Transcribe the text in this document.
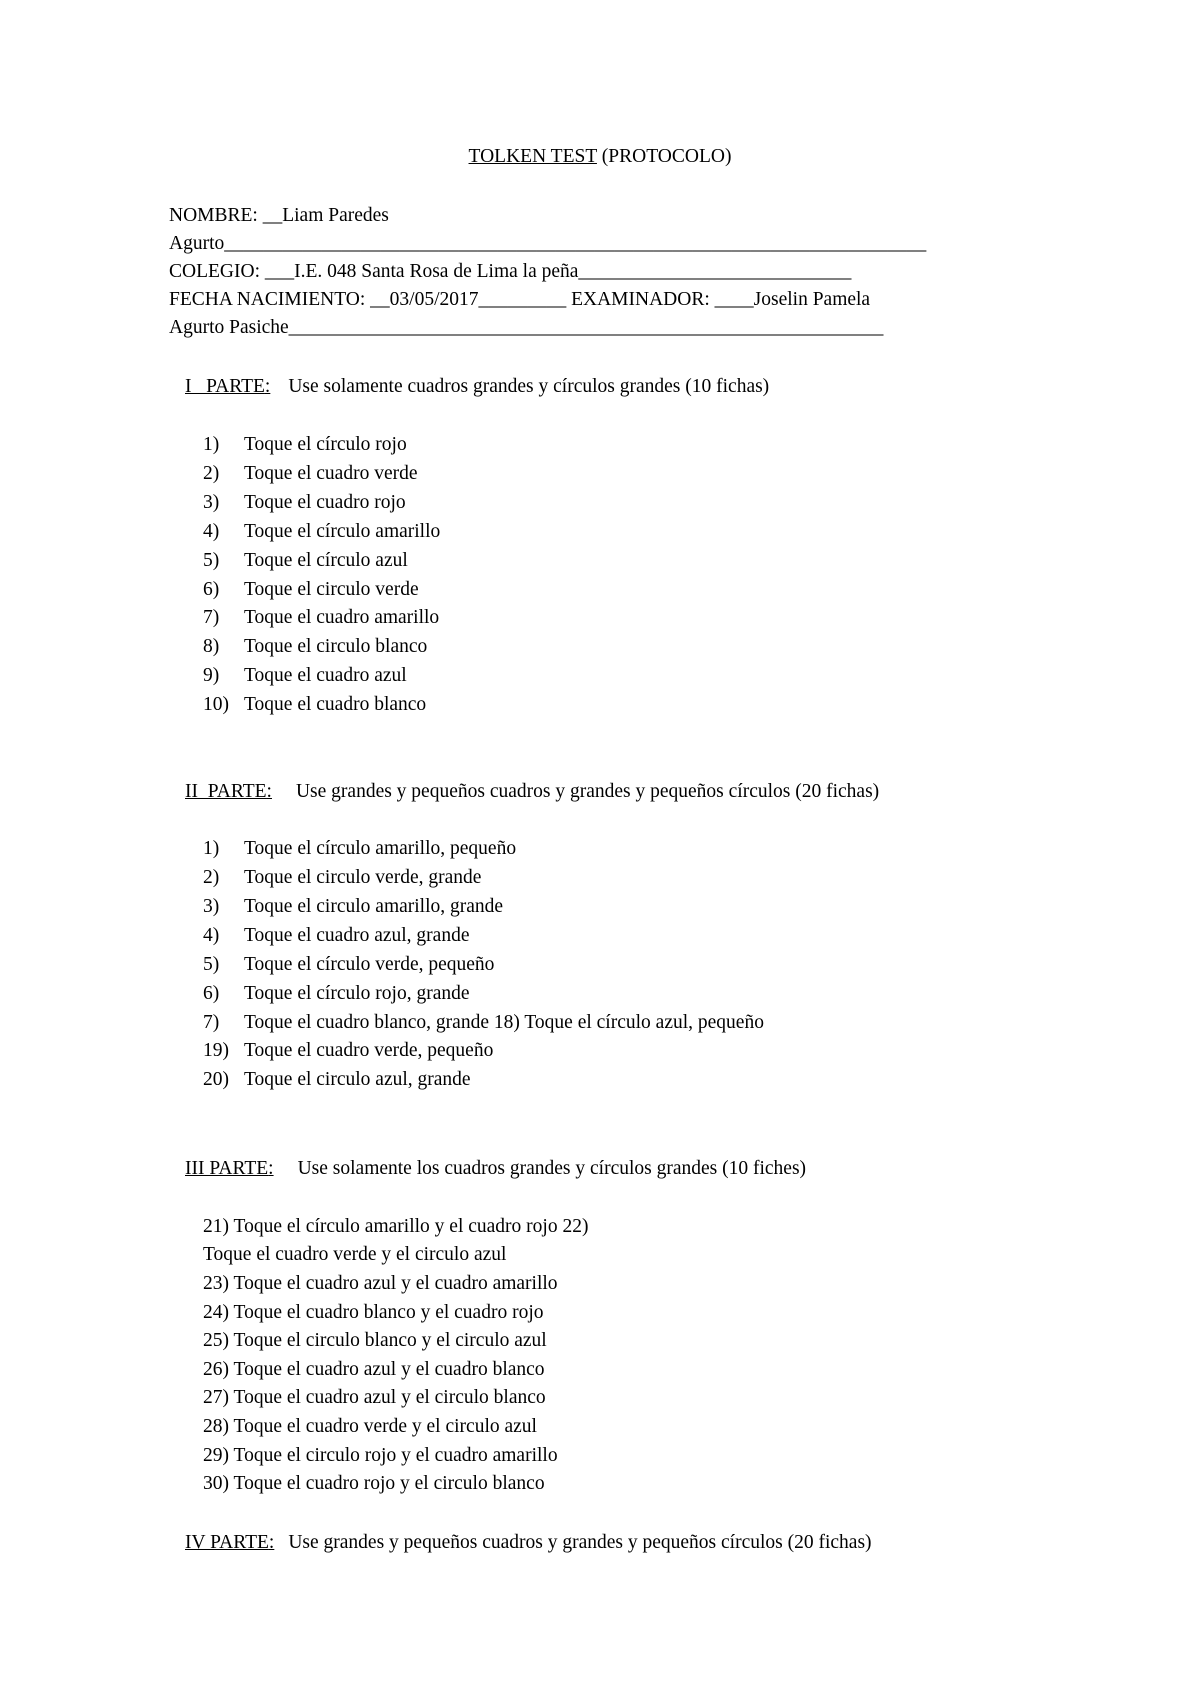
TOLKEN TEST (PROTOCOLO)
NOMBRE: __Liam Paredes
Agurto________________________________________________________________________
COLEGIO: ___I.E. 048 Santa Rosa de Lima la peña____________________________
FECHA NACIMIENTO: __03/05/2017_________ EXAMINADOR: ____Joselin Pamela
Agurto Pasiche_____________________________________________________________
I   PARTE: Use solamente cuadros grandes y círculos grandes (10 fichas)
1) Toque el círculo rojo
2) Toque el cuadro verde
3) Toque el cuadro rojo
4) Toque el círculo amarillo
5) Toque el círculo azul
6) Toque el circulo verde
7) Toque el cuadro amarillo
8) Toque el circulo blanco
9) Toque el cuadro azul
10) Toque el cuadro blanco
II  PARTE: Use grandes y pequeños cuadros y grandes y pequeños círculos (20 fichas)
1) Toque el círculo amarillo, pequeño
2) Toque el circulo verde, grande
3) Toque el circulo amarillo, grande
4) Toque el cuadro azul, grande
5) Toque el círculo verde, pequeño
6) Toque el círculo rojo, grande
7) Toque el cuadro blanco, grande 18) Toque el círculo azul, pequeño
19) Toque el cuadro verde, pequeño
20) Toque el circulo azul, grande
III PARTE: Use solamente los cuadros grandes y círculos grandes (10 fiches)
21) Toque el círculo amarillo y el cuadro rojo 22)
Toque el cuadro verde y el circulo azul
23) Toque el cuadro azul y el cuadro amarillo
24) Toque el cuadro blanco y el cuadro rojo
25) Toque el circulo blanco y el circulo azul
26) Toque el cuadro azul y el cuadro blanco
27) Toque el cuadro azul y el circulo blanco
28) Toque el cuadro verde y el circulo azul
29) Toque el circulo rojo y el cuadro amarillo
30) Toque el cuadro rojo y el circulo blanco
IV PARTE: Use grandes y pequeños cuadros y grandes y pequeños círculos (20 fichas)
